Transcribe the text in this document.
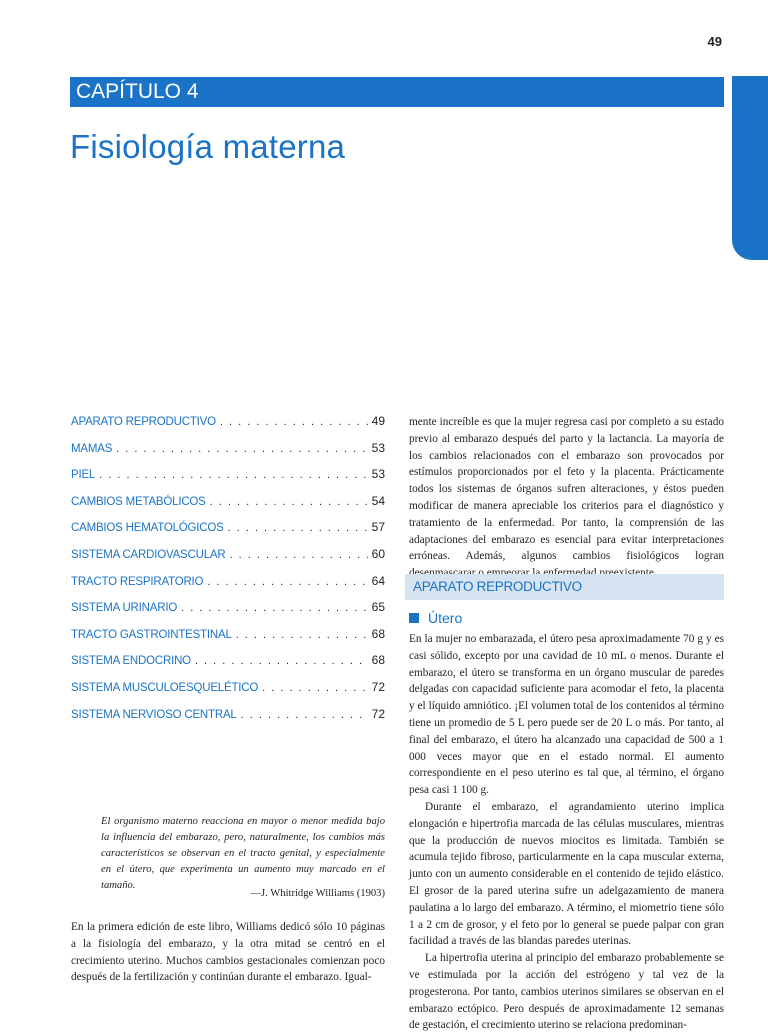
49
CAPÍTULO 4
Fisiología materna
APARATO REPRODUCTIVO . . .	49
MAMAS . . .	53
PIEL . . .	53
CAMBIOS METABÓLICOS . . .	54
CAMBIOS HEMATOLÓGICOS . . .	57
SISTEMA CARDIOVASCULAR . . .	60
TRACTO RESPIRATORIO . . .	64
SISTEMA URINARIO . . .	65
TRACTO GASTROINTESTINAL . . .	68
SISTEMA ENDOCRINO . . .	68
SISTEMA MUSCULOESQUELÉTICO . . .	72
SISTEMA NERVIOSO CENTRAL . . .	72

El organismo materno reacciona en mayor o menor medida bajo la influencia del embarazo, pero, naturalmente, los cambios más característicos se observan en el tracto genital, y especialmente en el útero, que experimenta un aumento muy marcado en el tamaño.

—J. Whitridge Williams (1903)

En la primera edición de este libro, Williams dedicó sólo 10 páginas a la fisiología del embarazo, y la otra mitad se centró en el crecimiento uterino. Muchos cambios gestacionales comienzan poco después de la fertilización y continúan durante el embarazo. Igual-

mente increíble es que la mujer regresa casi por completo a su estado previo al embarazo después del parto y la lactancia. La mayoría de los cambios relacionados con el embarazo son provocados por estímulos proporcionados por el feto y la placenta. Prácticamente todos los sistemas de órganos sufren alteraciones, y éstos pueden modificar de manera apreciable los criterios para el diagnóstico y tratamiento de la enfermedad. Por tanto, la comprensión de las adaptaciones del embarazo es esencial para evitar interpretaciones erróneas. Además, algunos cambios fisiológicos logran

APARATO REPRODUCTIVO
Útero

En la mujer no embarazada, el útero pesa aproximadamente 70 g y es casi sólido, excepto por una cavidad de 10 mL o menos. Durante el embarazo, el útero se transforma en un órgano muscular de paredes delgadas con capacidad suficiente para acomodar el feto, la placenta y el líquido amniótico. ¡El volumen total de los contenidos al término tiene un promedio de 5 L pero puede ser de 20 L o más. Por tanto, al final del embarazo, el útero ha alcanzado una capacidad de 500 a 1 000 veces mayor que en el estado normal. El aumento correspondiente en el peso uterino es tal que, al término, el órgano pesa casi 1 100 g.

Durante el embarazo, el agrandamiento uterino implica elongación e hipertrofia marcada de las células musculares, mientras que la producción de nuevos miocitos es limitada. También se acumula tejido fibroso, particularmente en la capa muscular externa, junto con un aumento considerable en el contenido de tejido elástico. El grosor de la pared uterina sufre un adelgazamiento de manera paulatina a lo largo del embarazo. A término, el miometrio tiene sólo 1 a 2 cm de grosor, y el feto por lo general se puede palpar con gran facilidad a través de las blandas paredes uterinas.

La hipertrofia uterina al principio del embarazo probablemente se ve estimulada por la acción del estrógeno y tal vez de la progesterona. Por tanto, cambios uterinos similares se observan en el embarazo ectópico. Pero después de aproximadamente 12 semanas de gestación, el crecimiento uterino se relaciona predominan-
